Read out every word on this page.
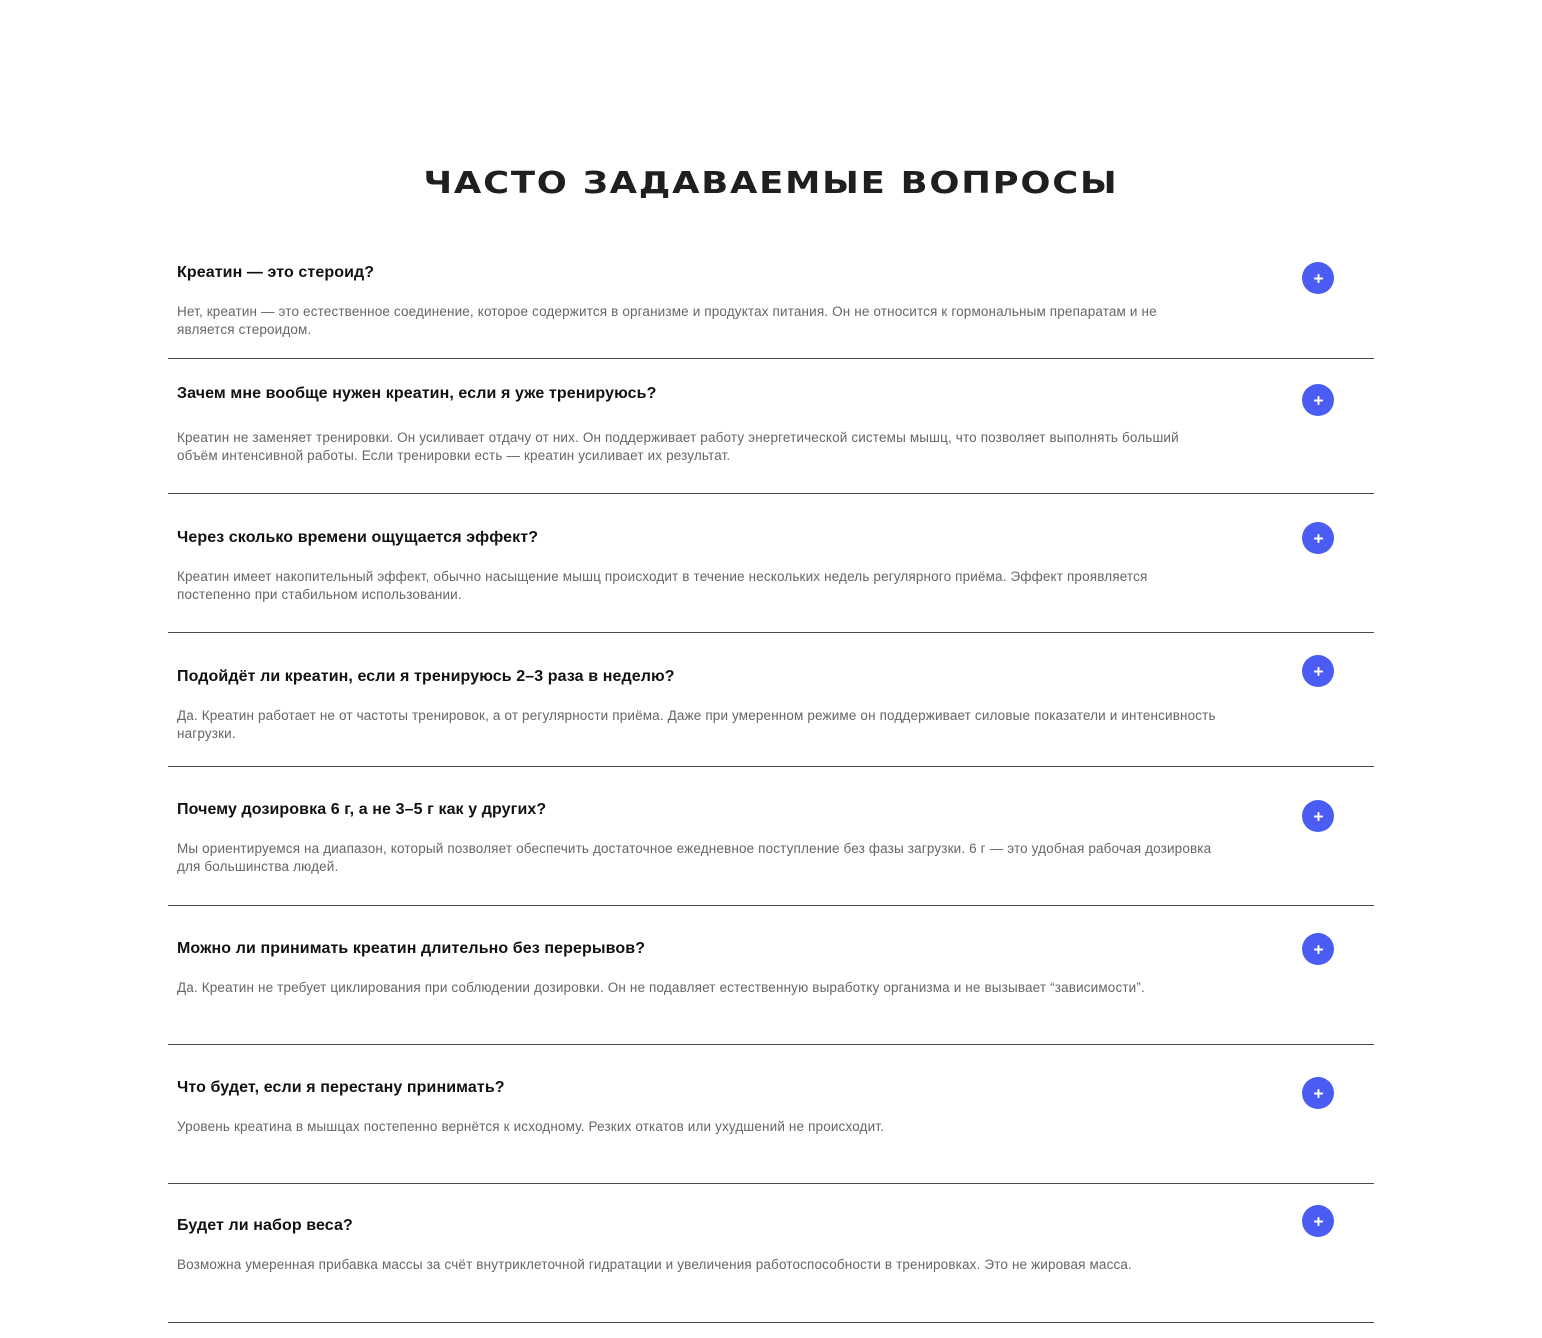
ЧАСТО ЗАДАВАЕМЫЕ ВОПРОСЫ
Креатин — это стероид?

Нет, креатин — это естественное соединение, которое содержится в организме и продуктах питания. Он не относится к гормональным препаратам и не является стероидом.

Зачем мне вообще нужен креатин, если я уже тренируюсь?

Креатин не заменяет тренировки. Он усиливает отдачу от них. Он поддерживает работу энергетической системы мышц, что позволяет выполнять больший объём интенсивной работы. Если тренировки есть — креатин усиливает их результат.

Через сколько времени ощущается эффект?

Креатин имеет накопительный эффект, обычно насыщение мышц происходит в течение нескольких недель регулярного приёма. Эффект проявляется постепенно при стабильном использовании.

Подойдёт ли креатин, если я тренируюсь 2–3 раза в неделю?

Да. Креатин работает не от частоты тренировок, а от регулярности приёма. Даже при умеренном режиме он поддерживает силовые показатели и интенсивность нагрузки.

Почему дозировка 6 г, а не 3–5 г как у других?

Мы ориентируемся на диапазон, который позволяет обеспечить достаточное ежедневное поступление без фазы загрузки. 6 г — это удобная рабочая дозировка для большинства людей.

Можно ли принимать креатин длительно без перерывов?

Да. Креатин не требует циклирования при соблюдении дозировки. Он не подавляет естественную выработку организма и не вызывает “зависимости”.

Что будет, если я перестану принимать?

Уровень креатина в мышцах постепенно вернётся к исходному. Резких откатов или ухудшений не происходит.

Будет ли набор веса?

Возможна умеренная прибавка массы за счёт внутриклеточной гидратации и увеличения работоспособности в тренировках. Это не жировая масса.
